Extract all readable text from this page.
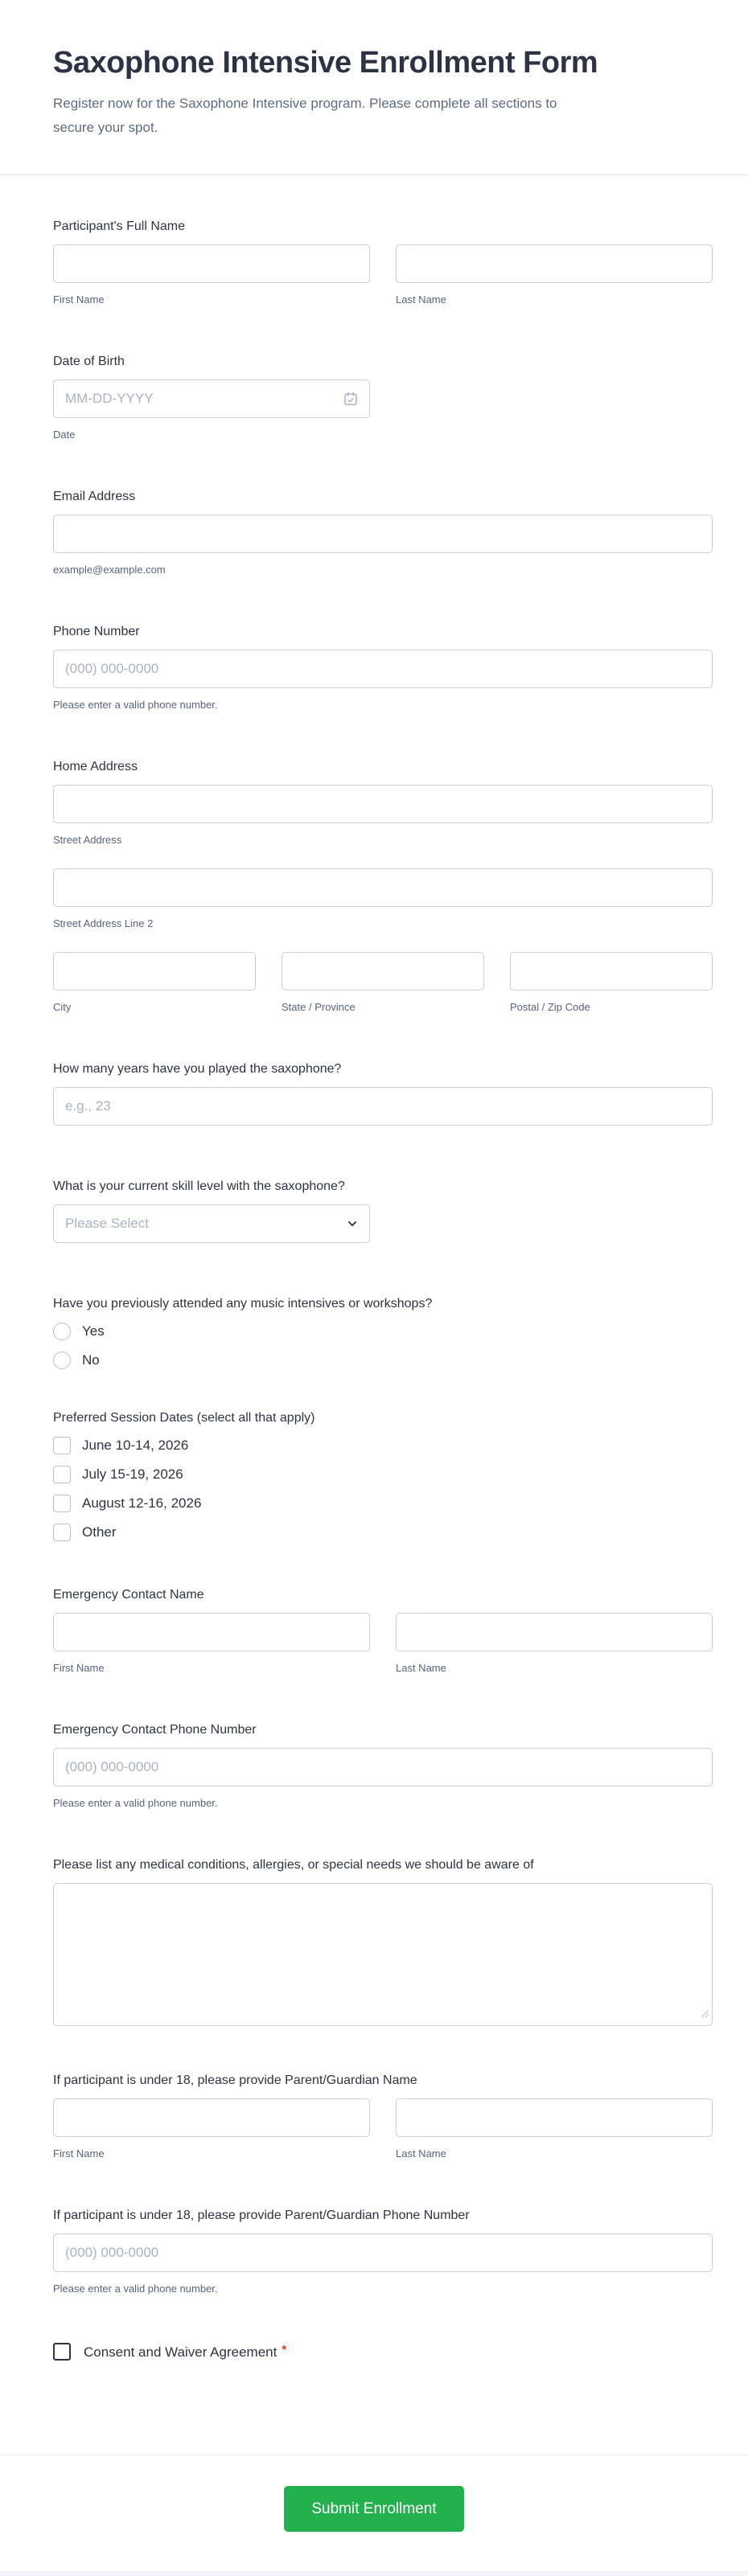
Saxophone Intensive Enrollment Form
Register now for the Saxophone Intensive program. Please complete all sections to secure your spot.
Participant's Full Name
First Name	Last Name
Date of Birth
MM-DD-YYYY
Date
Email Address
example@example.com
Phone Number
(000) 000-0000
Please enter a valid phone number.
Home Address
Street Address
Street Address Line 2
City	State / Province	Postal / Zip Code
How many years have you played the saxophone?
e.g., 23
What is your current skill level with the saxophone?
Please Select
Have you previously attended any music intensives or workshops?
Yes
No
Preferred Session Dates (select all that apply)
June 10-14, 2026
July 15-19, 2026
August 12-16, 2026
Other
Emergency Contact Name
First Name	Last Name
Emergency Contact Phone Number
(000) 000-0000
Please enter a valid phone number.
Please list any medical conditions, allergies, or special needs we should be aware of
If participant is under 18, please provide Parent/Guardian Name
First Name	Last Name
If participant is under 18, please provide Parent/Guardian Phone Number
(000) 000-0000
Please enter a valid phone number.
Consent and Waiver Agreement *
Submit Enrollment
